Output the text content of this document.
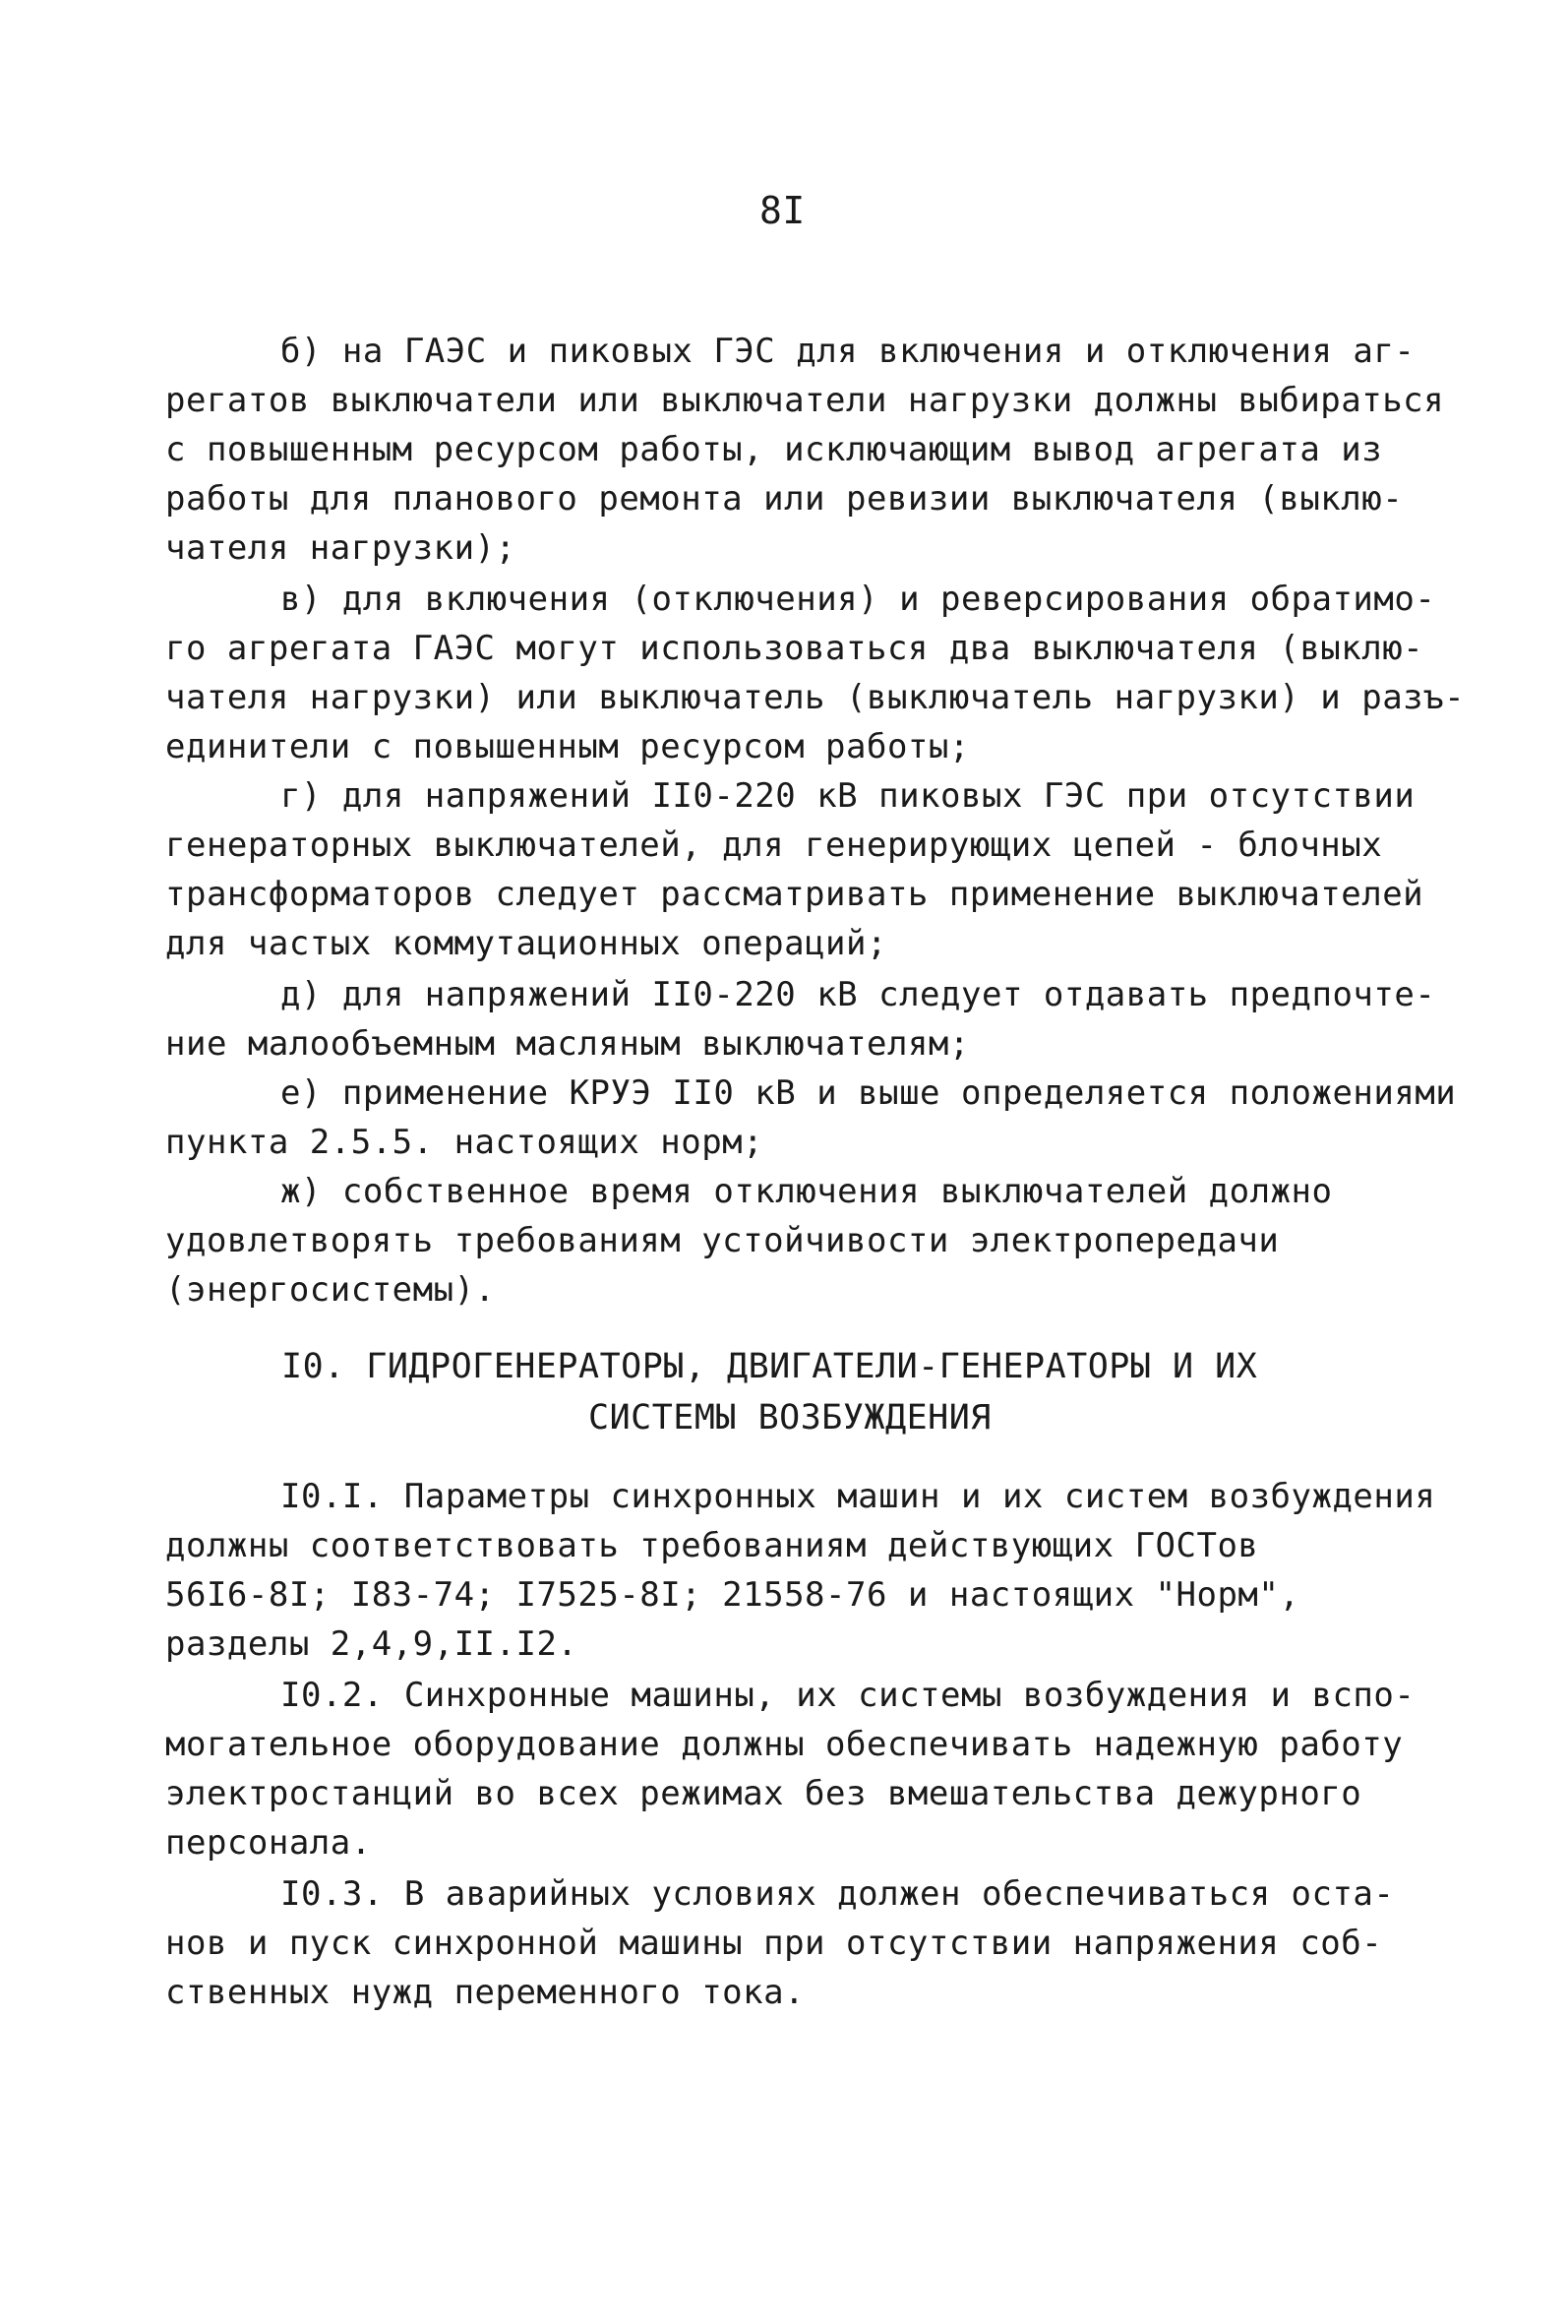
8I
б) на ГАЭС и пиковых ГЭС для включения и отключения аг-
регатов выключатели или выключатели нагрузки должны выбираться
с повышенным ресурсом работы, исключающим вывод агрегата из
работы для планового ремонта или ревизии выключателя (выклю-
чателя нагрузки);
в) для включения (отключения) и реверсирования обратимо-
го агрегата ГАЭС могут использоваться два выключателя (выклю-
чателя нагрузки) или выключатель (выключатель нагрузки) и разъ-
единители с повышенным ресурсом работы;
г) для напряжений II0-220 кВ пиковых ГЭС при отсутствии
генераторных выключателей, для генерирующих цепей - блочных
трансформаторов следует рассматривать применение выключателей
для частых коммутационных операций;
д) для напряжений II0-220 кВ следует отдавать предпочте-
ние малообъемным масляным выключателям;
е) применение КРУЭ II0 кВ и выше определяется положениями
пункта 2.5.5. настоящих норм;
ж) собственное время отключения выключателей должно
удовлетворять требованиям устойчивости электропередачи
(энергосистемы).
I0. ГИДРОГЕНЕРАТОРЫ, ДВИГАТЕЛИ-ГЕНЕРАТОРЫ И ИХ
СИСТЕМЫ ВОЗБУЖДЕНИЯ
I0.I. Параметры синхронных машин и их систем возбуждения
должны соответствовать требованиям действующих ГОСТов
56I6-8I; I83-74; I7525-8I; 21558-76 и настоящих "Норм",
разделы 2,4,9,II.I2.
I0.2. Синхронные машины, их системы возбуждения и вспо-
могательное оборудование должны обеспечивать надежную работу
электростанций во всех режимах без вмешательства дежурного
персонала.
I0.3. В аварийных условиях должен обеспечиваться оста-
нов и пуск синхронной машины при отсутствии напряжения соб-
ственных нужд переменного тока.
